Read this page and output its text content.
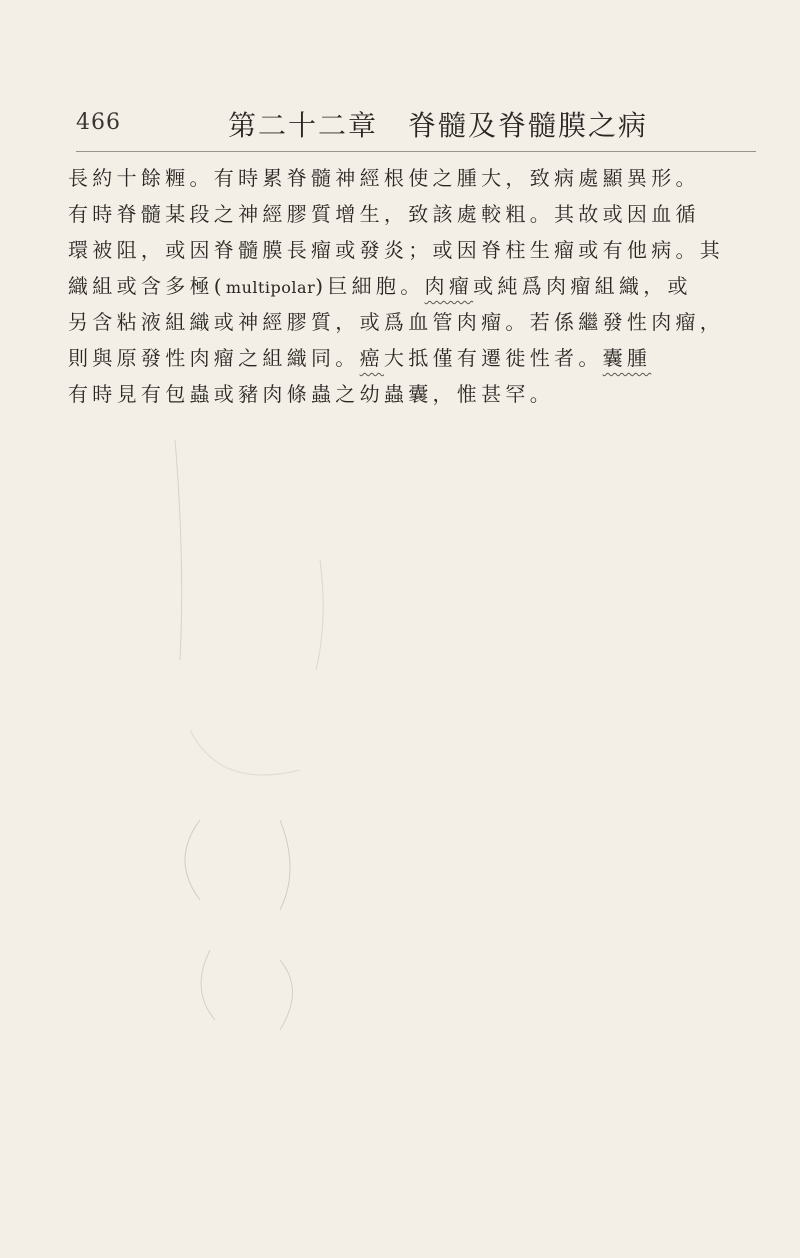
466	第二十二章　脊髓及脊髓膜之病
長約十餘糎。有時累脊髓神經根使之腫大，致病處顯異形。
有時脊髓某段之神經膠質增生，致該處較粗。其故或因血循
環被阻，或因脊髓膜長瘤或發炎；或因脊柱生瘤或有他病。其
織組或含多極(multipolar)巨細胞。肉瘤或純爲肉瘤組織，或
另含粘液組織或神經膠質，或爲血管肉瘤。若係繼發性肉瘤，
則與原發性肉瘤之組織同。癌大抵僅有遷徙性者。囊腫
有時見有包蟲或豬肉條蟲之幼蟲囊，惟甚罕。
